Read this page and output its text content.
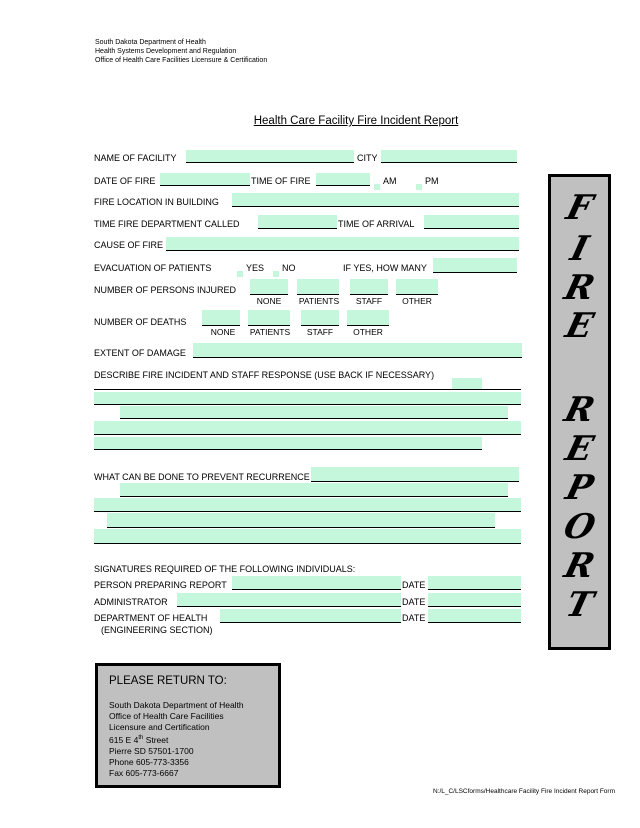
South Dakota Department of Health
Health Systems Development and Regulation
Office of Health Care Facilities Licensure & Certification
Health Care Facility Fire Incident Report
NAME OF FACILITY	CITY
DATE OF FIRE	TIME OF FIRE	AM	PM
FIRE LOCATION IN BUILDING
TIME FIRE DEPARTMENT CALLED	TIME OF ARRIVAL
CAUSE OF FIRE
EVACUATION OF PATIENTS	YES NO	IF YES, HOW MANY
NUMBER OF PERSONS INJURED
NONE	PATIENTS	STAFF	OTHER
NUMBER OF DEATHS
NONE	PATIENTS	STAFF	OTHER
EXTENT OF DAMAGE
DESCRIBE FIRE INCIDENT AND STAFF RESPONSE (USE BACK IF NECESSARY)
WHAT CAN BE DONE TO PREVENT RECURRENCE
SIGNATURES REQUIRED OF THE FOLLOWING INDIVIDUALS:
PERSON PREPARING REPORT	DATE
ADMINISTRATOR	DATE
DEPARTMENT OF HEALTH	DATE
(ENGINEERING SECTION)
PLEASE RETURN TO:
South Dakota Department of Health
Office of Health Care Facilities
Licensure and Certification
615 E 4th Street
Pierre SD 57501-1700
Phone 605-773-3356
Fax 605-773-6667
F
I
R
E
R
E
P
O
R
T
N:/L_C/LSCforms/Healthcare Facility Fire Incident Report Form
